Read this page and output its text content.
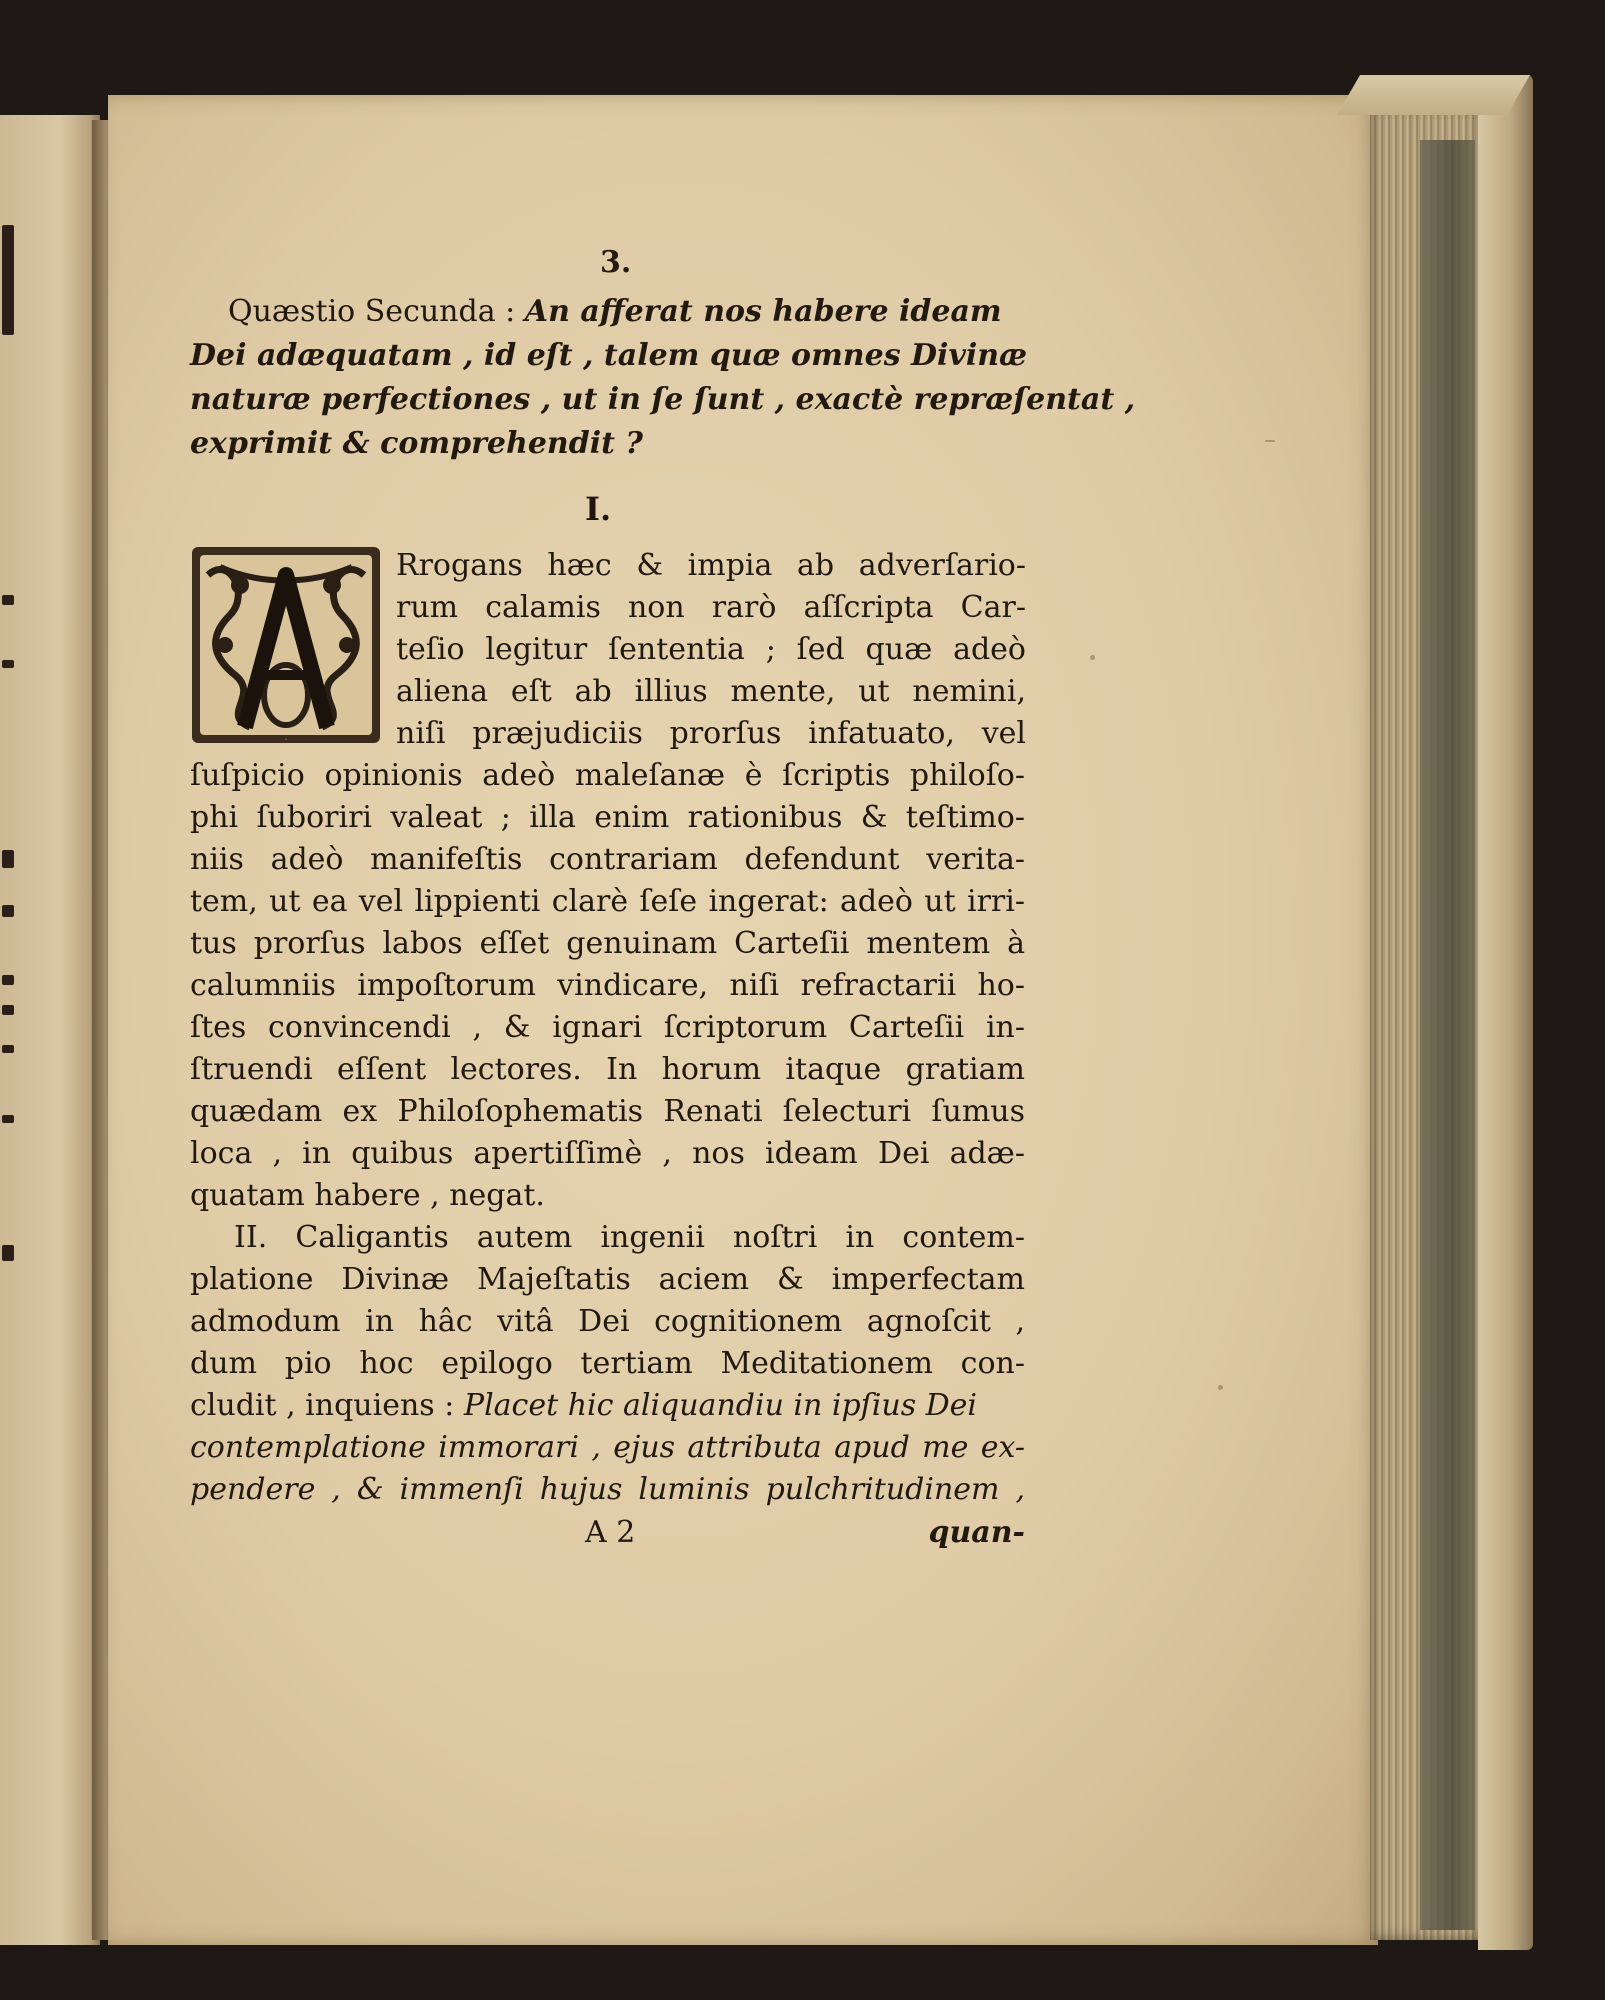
3.
Quæstio Secunda : An afferat nos habere ideam
Dei adæquatam , id eſt , talem quæ omnes Divinæ
naturæ perfectiones , ut in ſe ſunt , exactè repræſentat ,
exprimit & comprehendit ?
I.
A
Rrogans hæc & impia ab adverſario-
rum calamis non rarò aſſcripta Car-
teſio legitur ſententia ; ſed quæ adeò
aliena eſt ab illius mente, ut nemini,
niſi præjudiciis prorſus infatuato, vel
ſuſpicio opinionis adeò maleſanæ è ſcriptis philoſo-
phi ſuboriri valeat ; illa enim rationibus & teſtimo-
niis adeò manifeſtis contrariam defendunt verita-
tem, ut ea vel lippienti clarè ſeſe ingerat: adeò ut irri-
tus prorſus labos eſſet genuinam Carteſii mentem à
calumniis impoſtorum vindicare, niſi refractarii ho-
ſtes convincendi , & ignari ſcriptorum Carteſii in-
ſtruendi eſſent lectores. In horum itaque gratiam
quædam ex Philoſophematis Renati ſelecturi ſumus
loca , in quibus apertiſſimè , nos ideam Dei adæ-
quatam habere , negat.
II. Caligantis autem ingenii noſtri in contem-
platione Divinæ Majeſtatis aciem & imperfectam
admodum in hâc vitâ Dei cognitionem agnoſcit ,
dum pio hoc epilogo tertiam Meditationem con-
cludit , inquiens : Placet hic aliquandiu in ipſius Dei
contemplatione immorari , ejus attributa apud me ex-
pendere , & immenſi hujus luminis pulchritudinem ,
A 2	quan-
